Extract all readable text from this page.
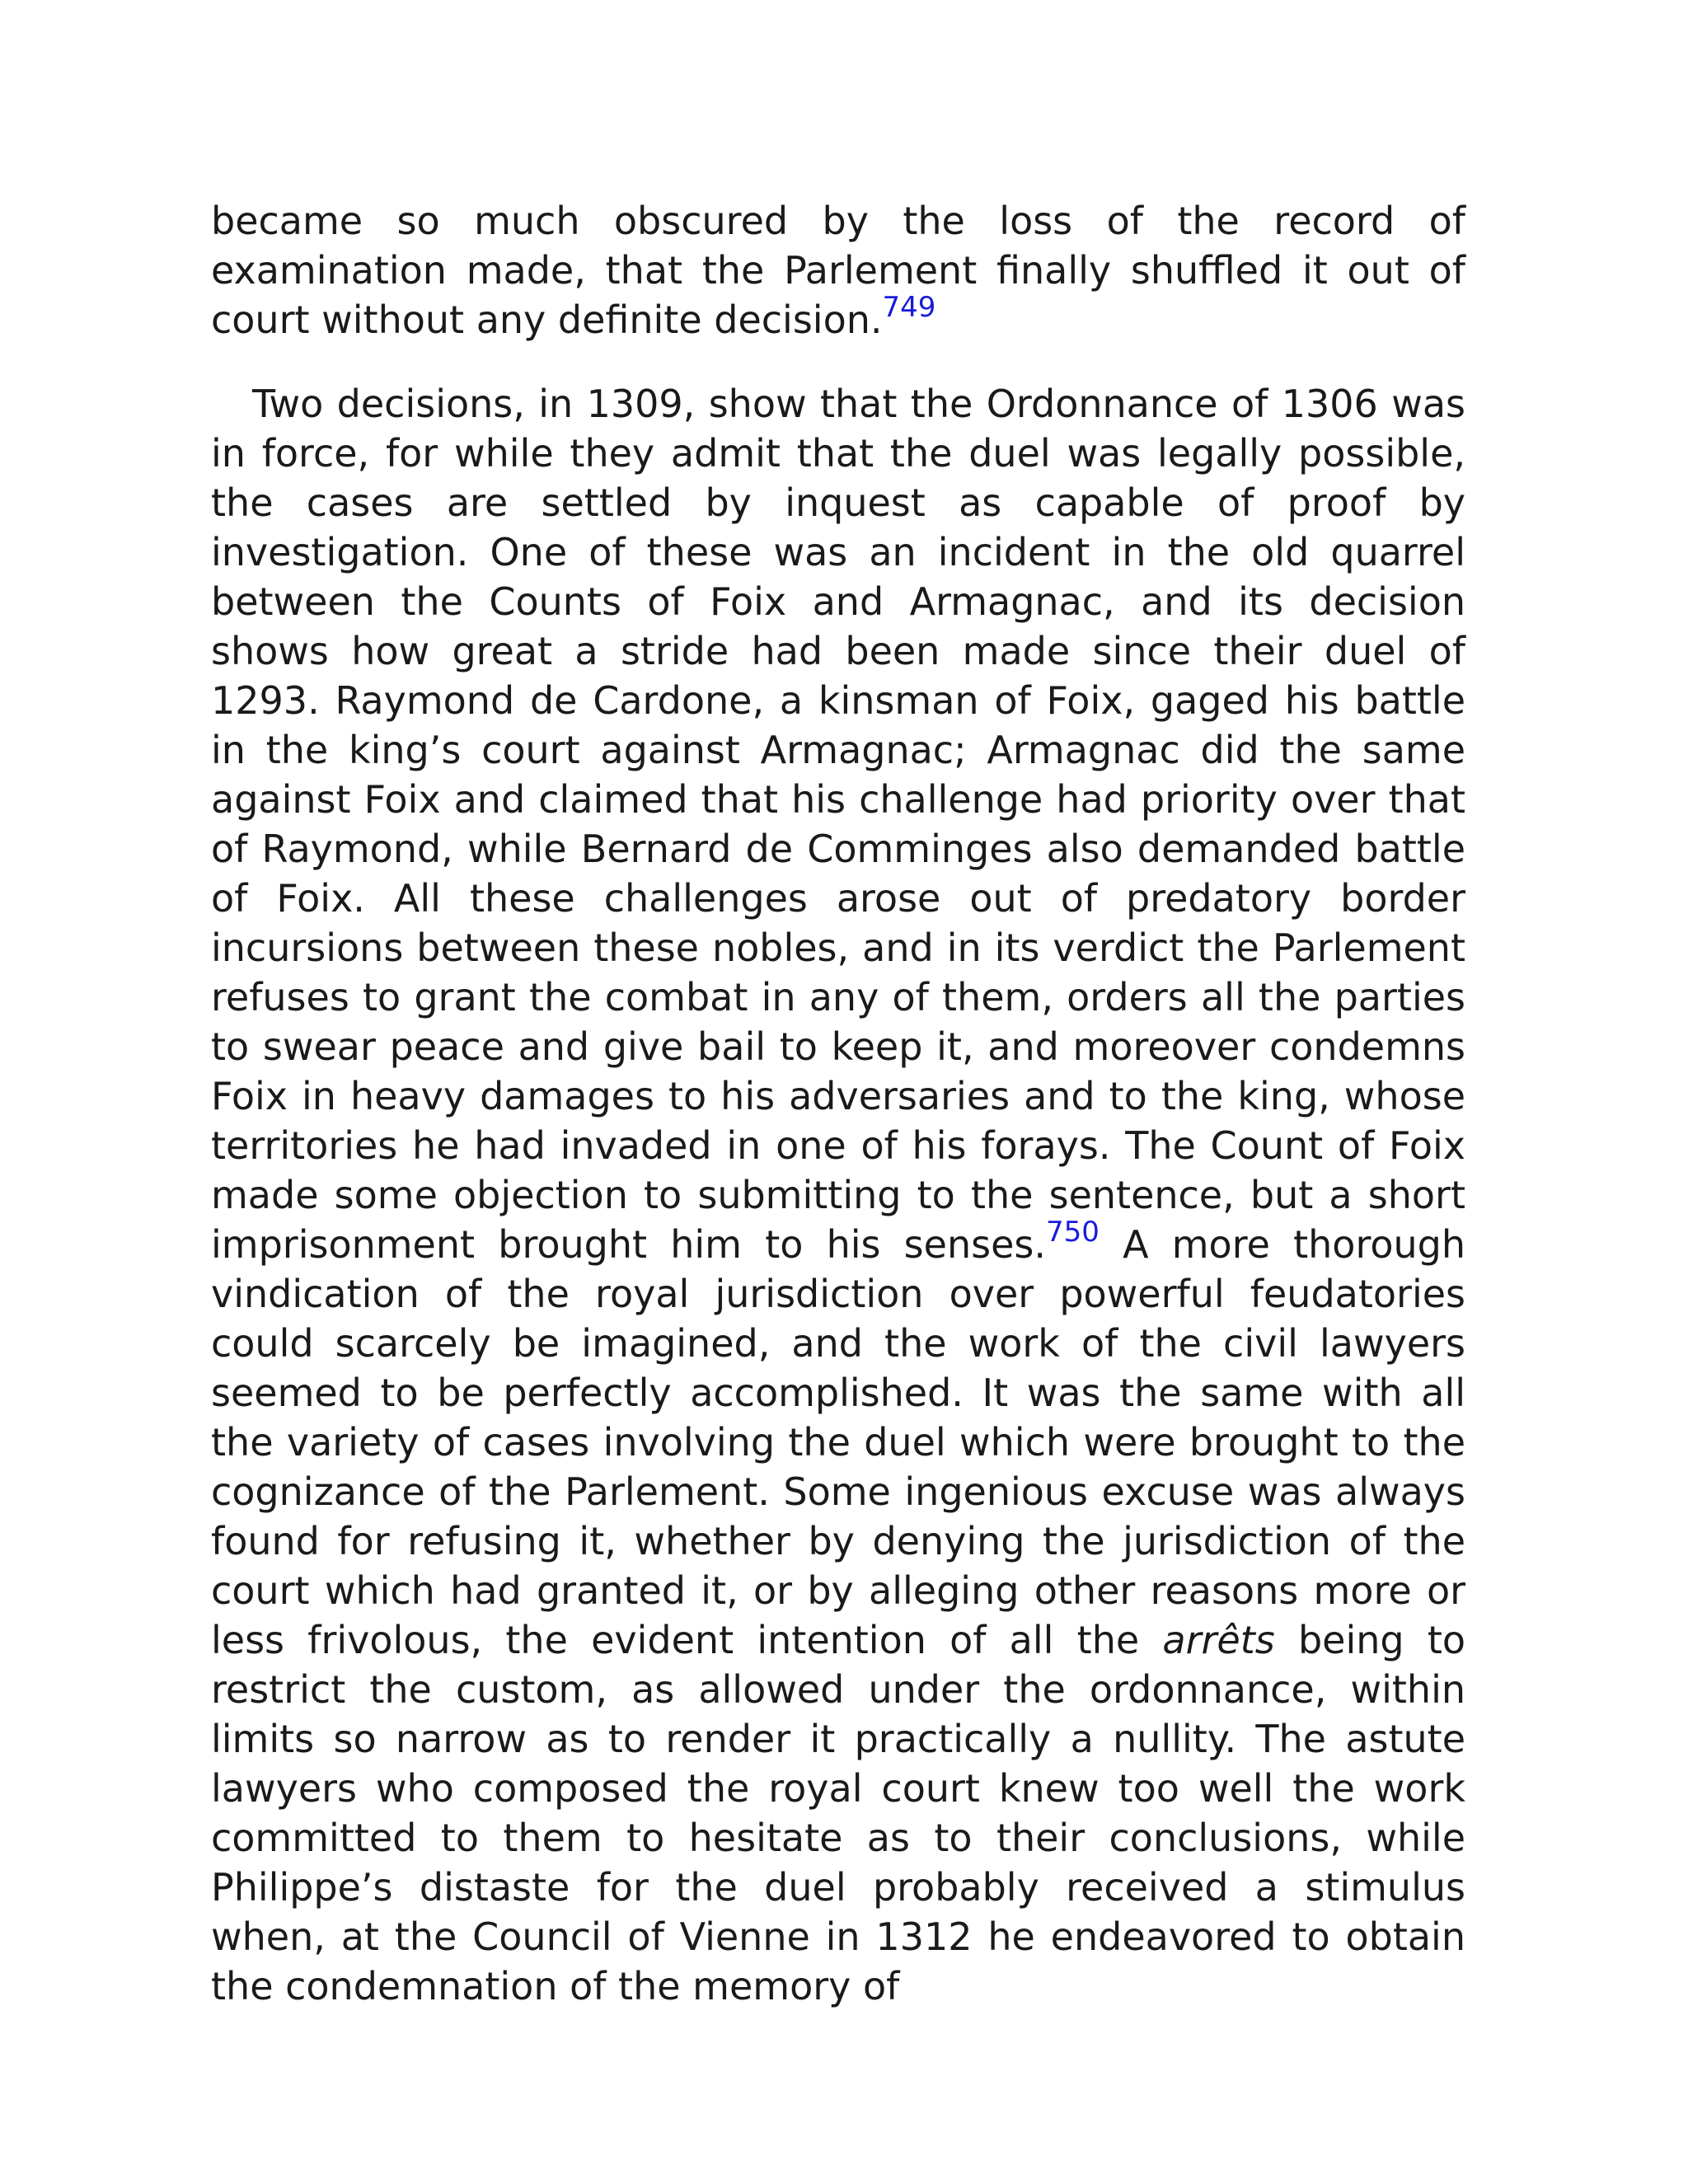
became so much obscured by the loss of the record of examination made, that the Parlement finally shuffled it out of court without any definite decision.$^{749}$

Two decisions, in 1309, show that the Ordonnance of 1306 was in force, for while they admit that the duel was legally possible, the cases are settled by inquest as capable of proof by investigation. One of these was an incident in the old quarrel between the Counts of Foix and Armagnac, and its decision shows how great a stride had been made since their duel of 1293. Raymond de Cardone, a kinsman of Foix, gaged his battle in the king’s court against Armagnac; Armagnac did the same against Foix and claimed that his challenge had priority over that of Raymond, while Bernard de Comminges also demanded battle of Foix. All these challenges arose out of predatory border incursions between these nobles, and in its verdict the Parlement refuses to grant the combat in any of them, orders all the parties to swear peace and give bail to keep it, and moreover condemns Foix in heavy damages to his adversaries and to the king, whose territories he had invaded in one of his forays. The Count of Foix made some objection to submitting to the sentence, but a short imprisonment brought him to his senses.$^{750}$ A more thorough vindication of the royal jurisdiction over powerful feudatories could scarcely be imagined, and the work of the civil lawyers seemed to be perfectly accomplished. It was the same with all the variety of cases involving the duel which were brought to the cognizance of the Parlement. Some ingenious excuse was always found for refusing it, whether by denying the jurisdiction of the court which had granted it, or by alleging other reasons more or less frivolous, the evident intention of all the arrêts being to restrict the custom, as allowed under the ordonnance, within limits so narrow as to render it practically a nullity. The astute lawyers who composed the royal court knew too well the work committed to them to hesitate as to their conclusions, while Philippe’s distaste for the duel probably received a stimulus when, at the Council of Vienne in 1312 he endeavored to obtain the condemnation of the memory of
